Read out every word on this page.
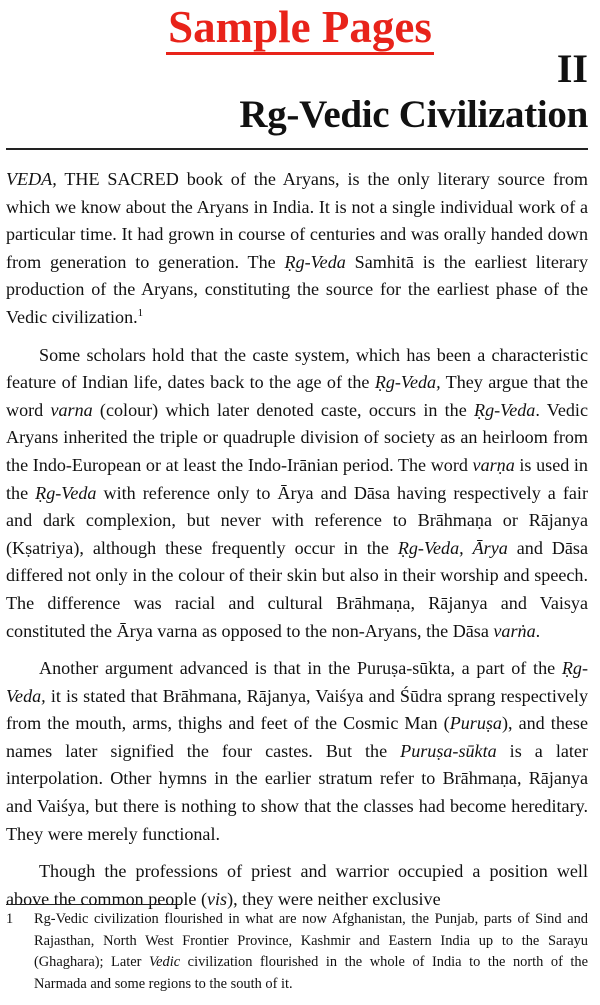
Sample Pages
II
Rg-Vedic Civilization

VEDA, THE SACRED book of the Aryans, is the only literary source from which we know about the Aryans in India. It is not a single individual work of a particular time. It had grown in course of centuries and was orally handed down from generation to generation. The Ṛg-Veda Samhitā is the earliest literary production of the Aryans, constituting the source for the earliest phase of the Vedic civilization.$^1$

Some scholars hold that the caste system, which has been a characteristic feature of Indian life, dates back to the age of the Ṛg-Veda, They argue that the word varna (colour) which later denoted caste, occurs in the Ṛg-Veda. Vedic Aryans inherited the triple or quadruple division of society as an heirloom from the Indo-European or at least the Indo-Irānian period. The word varṇa is used in the Ṛg-Veda with reference only to Ārya and Dāsa having respectively a fair and dark complexion, but never with reference to Brāhmaṇa or Rājanya (Kṣatriya), although these frequently occur in the Ṛg-Veda, Ārya and Dāsa differed not only in the colour of their skin but also in their worship and speech. The difference was racial and cultural Brāhmaṇa, Rājanya and Vaisya constituted the Ārya varna as opposed to the non-Aryans, the Dāsa varṅa.

Another argument advanced is that in the Puruṣa-sūkta, a part of the Ṛg-Veda, it is stated that Brāhmana, Rājanya, Vaiśya and Śūdra sprang respectively from the mouth, arms, thighs and feet of the Cosmic Man (Puruṣa), and these names later signified the four castes. But the Puruṣa-sūkta is a later interpolation. Other hymns in the earlier stratum refer to Brāhmaṇa, Rājanya and Vaiśya, but there is nothing to show that the classes had become hereditary. They were merely functional.

Though the professions of priest and warrior occupied a position well above the common people (vis), they were neither exclusive

1 Rg-Vedic civilization flourished in what are now Afghanistan, the Punjab, parts of Sind and Rajasthan, North West Frontier Province, Kashmir and Eastern India up to the Sarayu (Ghaghara); Later Vedic civilization flourished in the whole of India to the north of the Narmada and some regions to the south of it.
